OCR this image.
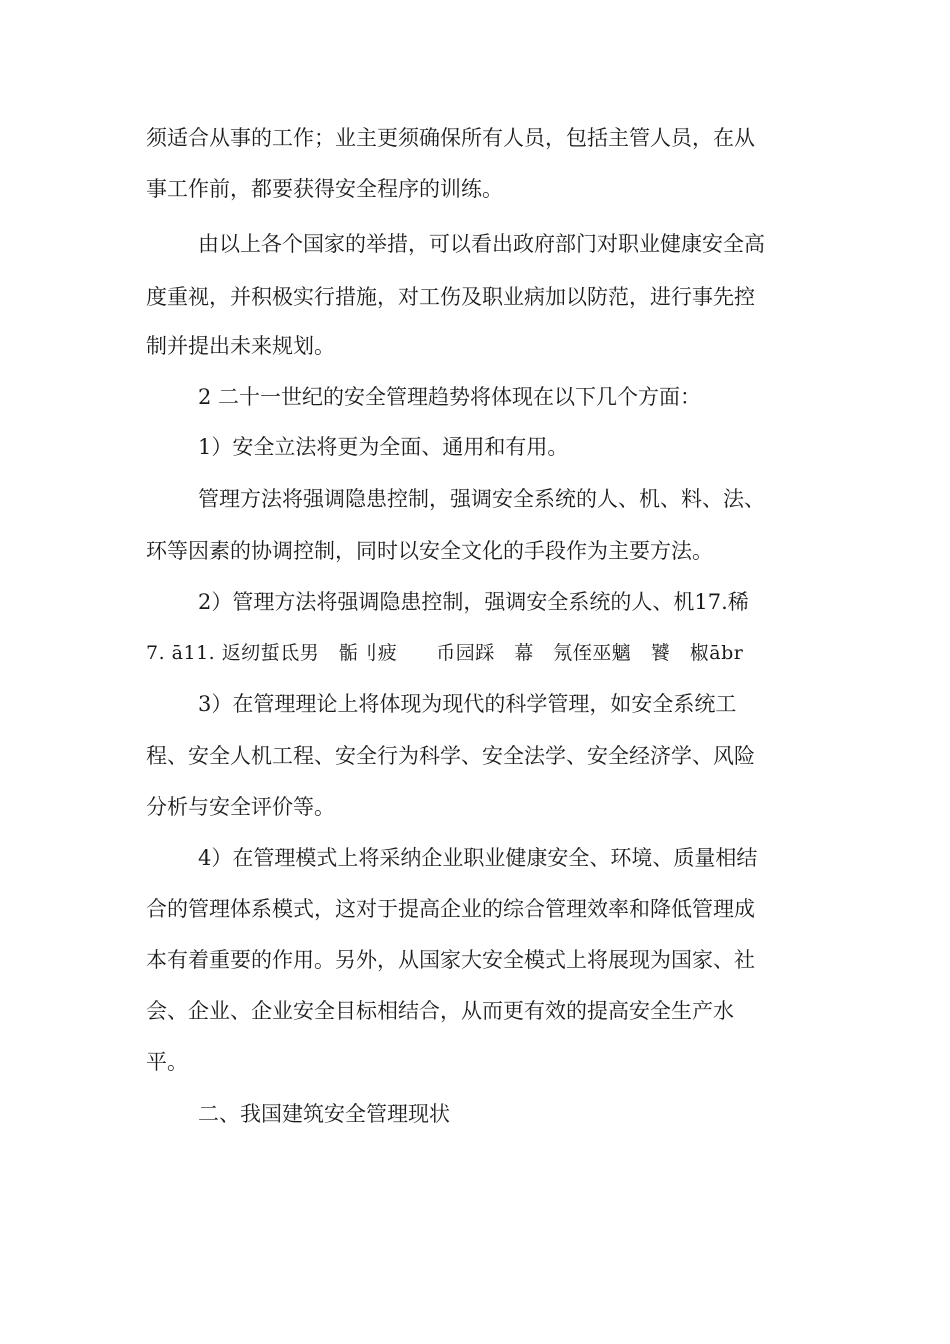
须适合从事的工作；业主更须确保所有人员，包括主管人员，在从

事工作前，都要获得安全程序的训练。

由以上各个国家的举措，可以看出政府部门对职业健康安全高

度重视，并积极实行措施，对工伤及职业病加以防范，进行事先控

制并提出未来规划。

2 二十一世纪的安全管理趋势将体现在以下几个方面：

1）安全立法将更为全面、通用和有用。

管理方法将强调隐患控制，强调安全系统的人、机、料、法、

环等因素的协调控制，同时以安全文化的手段作为主要方法。

2）管理方法将强调隐患控制，强调安全系统的人、机17.稀

7. ā11. 返纫蜇氐男　骺刂疲　　币园踩　幕　氖侄巫魑　饕　椒ābr

3）在管理理论上将体现为现代的科学管理，如安全系统工

程、安全人机工程、安全行为科学、安全法学、安全经济学、风险

分析与安全评价等。

4）在管理模式上将采纳企业职业健康安全、环境、质量相结

合的管理体系模式，这对于提高企业的综合管理效率和降低管理成

本有着重要的作用。另外，从国家大安全模式上将展现为国家、社

会、企业、企业安全目标相结合，从而更有效的提高安全生产水

平。

二、我国建筑安全管理现状
